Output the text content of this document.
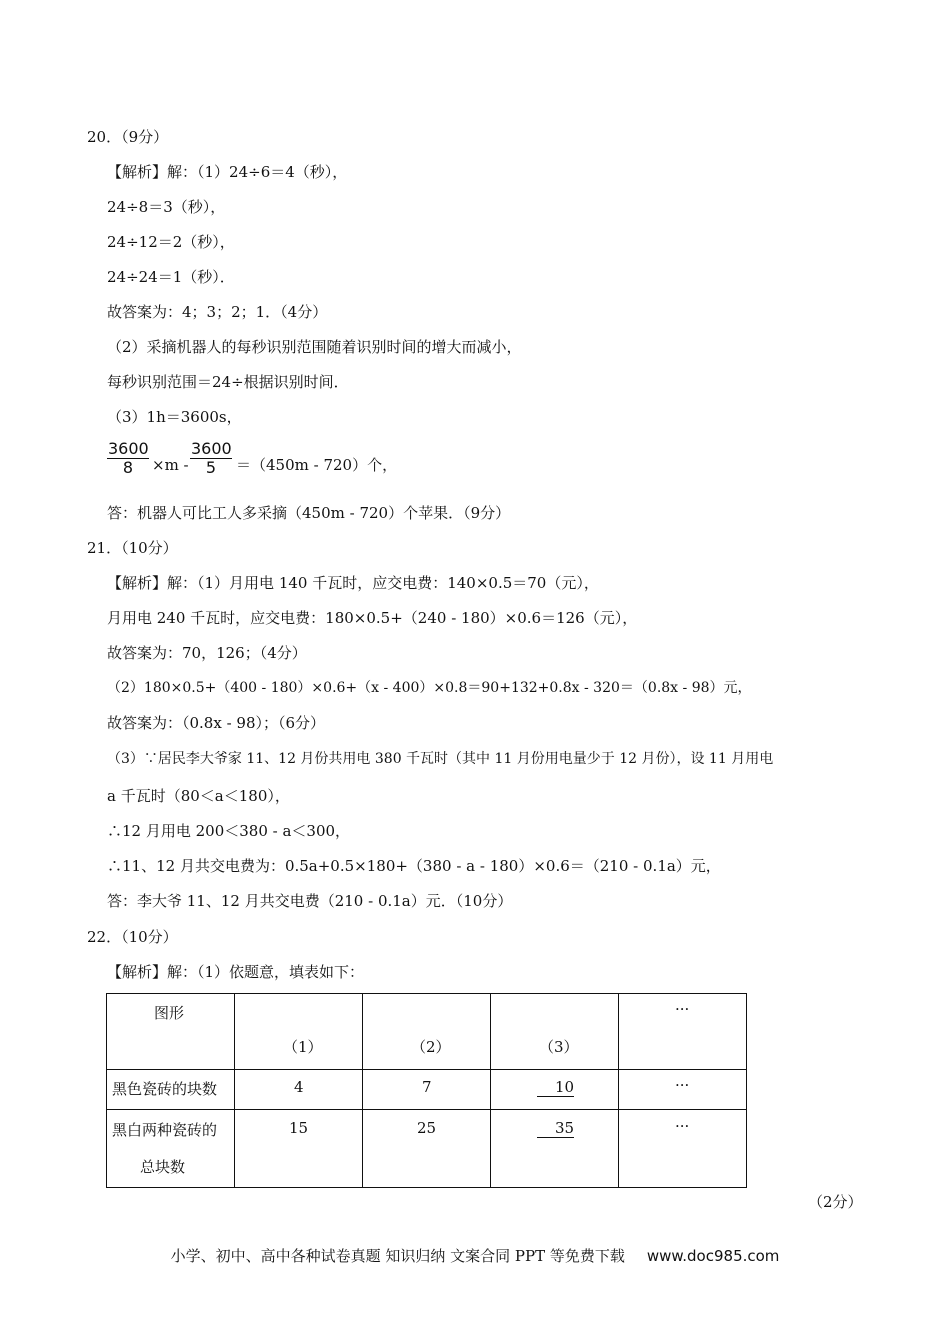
20．（9分）
【解析】解：（1）24÷6＝4（秒），
24÷8＝3（秒），
24÷12＝2（秒），
24÷24＝1（秒）．
故答案为：4；3；2；1．（4分）
（2）采摘机器人的每秒识别范围随着识别时间的增大而减小，
每秒识别范围＝24÷根据识别时间．
（3）1h＝3600s，
$\frac{3600}{8} \times m - \frac{3600}{5} =(450m - 720)$个，
答：机器人可比工人多采摘（450m - 720）个苹果．（9分）
21．（10分）
【解析】解：（1）月用电 140 千瓦时，应交电费：140×0.5＝70（元），
月用电 240 千瓦时，应交电费：180×0.5+（240 - 180）×0.6＝126（元），
故答案为：70，126；（4分）
（2）180×0.5+（400 - 180）×0.6+（x - 400）×0.8＝90+132+0.8x - 320＝（0.8x - 98）元，
故答案为：（0.8x - 98）；（6分）
（3）∵居民李大爷家 11、12 月份共用电 380 千瓦时（其中 11 月份用电量少于 12 月份），设 11 月用电
a 千瓦时（80＜a＜180），
∴12 月用电 200＜380 - a＜300，
∴11、12 月共交电费为：0.5a+0.5×180+（380 - a - 180）×0.6＝（210 - 0.1a）元，
答：李大爷 11、12 月共交电费（210 - 0.1a）元．（10分）
22．（10分）
【解析】解：（1）依题意，填表如下：
图形	（1）	（2）	（3）	···

黑色瓷砖的块数	4	7	10	···

黑白两种瓷砖的
总块数	15	25	35	···
（2分）
小学、初中、高中各种试卷真题 知识归纳 文案合同 PPT 等免费下载 www.doc985.com
